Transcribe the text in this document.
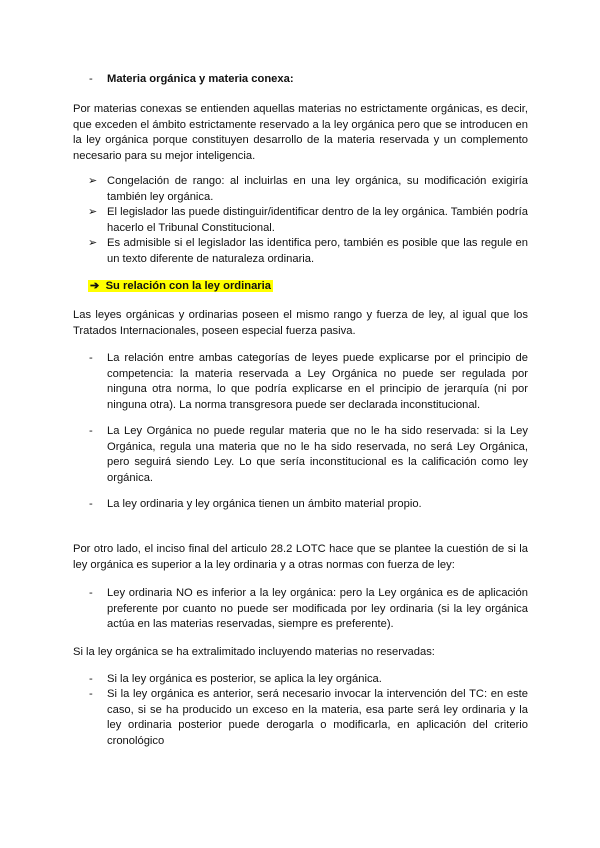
- Materia orgánica y materia conexa:

Por materias conexas se entienden aquellas materias no estrictamente orgánicas, es decir, que exceden el ámbito estrictamente reservado a la ley orgánica pero que se introducen en la ley orgánica porque constituyen desarrollo de la materia reservada y un complemento necesario para su mejor inteligencia.

➢ Congelación de rango: al incluirlas en una ley orgánica, su modificación exigiría también ley orgánica.

➢ El legislador las puede distinguir/identificar dentro de la ley orgánica. También podría hacerlo el Tribunal Constitucional.

➢ Es admisible si el legislador las identifica pero, también es posible que las regule en un texto diferente de naturaleza ordinaria.

➔ Su relación con la ley ordinaria

Las leyes orgánicas y ordinarias poseen el mismo rango y fuerza de ley, al igual que los Tratados Internacionales, poseen especial fuerza pasiva.

- La relación entre ambas categorías de leyes puede explicarse por el principio de competencia: la materia reservada a Ley Orgánica no puede ser regulada por ninguna otra norma, lo que podría explicarse en el principio de jerarquía (ni por ninguna otra). La norma transgresora puede ser declarada inconstitucional.

- La Ley Orgánica no puede regular materia que no le ha sido reservada: si la Ley Orgánica, regula una materia que no le ha sido reservada, no será Ley Orgánica, pero seguirá siendo Ley. Lo que sería inconstitucional es la calificación como ley orgánica.

- La ley ordinaria y ley orgánica tienen un ámbito material propio.

Por otro lado, el inciso final del articulo 28.2 LOTC hace que se plantee la cuestión de si la ley orgánica es superior a la ley ordinaria y a otras normas con fuerza de ley:

- Ley ordinaria NO es inferior a la ley orgánica: pero la Ley orgánica es de aplicación preferente por cuanto no puede ser modificada por ley ordinaria (si la ley orgánica actúa en las materias reservadas, siempre es preferente).

Si la ley orgánica se ha extralimitado incluyendo materias no reservadas:

- Si la ley orgánica es posterior, se aplica la ley orgánica.

- Si la ley orgánica es anterior, será necesario invocar la intervención del TC: en este caso, si se ha producido un exceso en la materia, esa parte será ley ordinaria y la ley ordinaria posterior puede derogarla o modificarla, en aplicación del criterio cronológico
